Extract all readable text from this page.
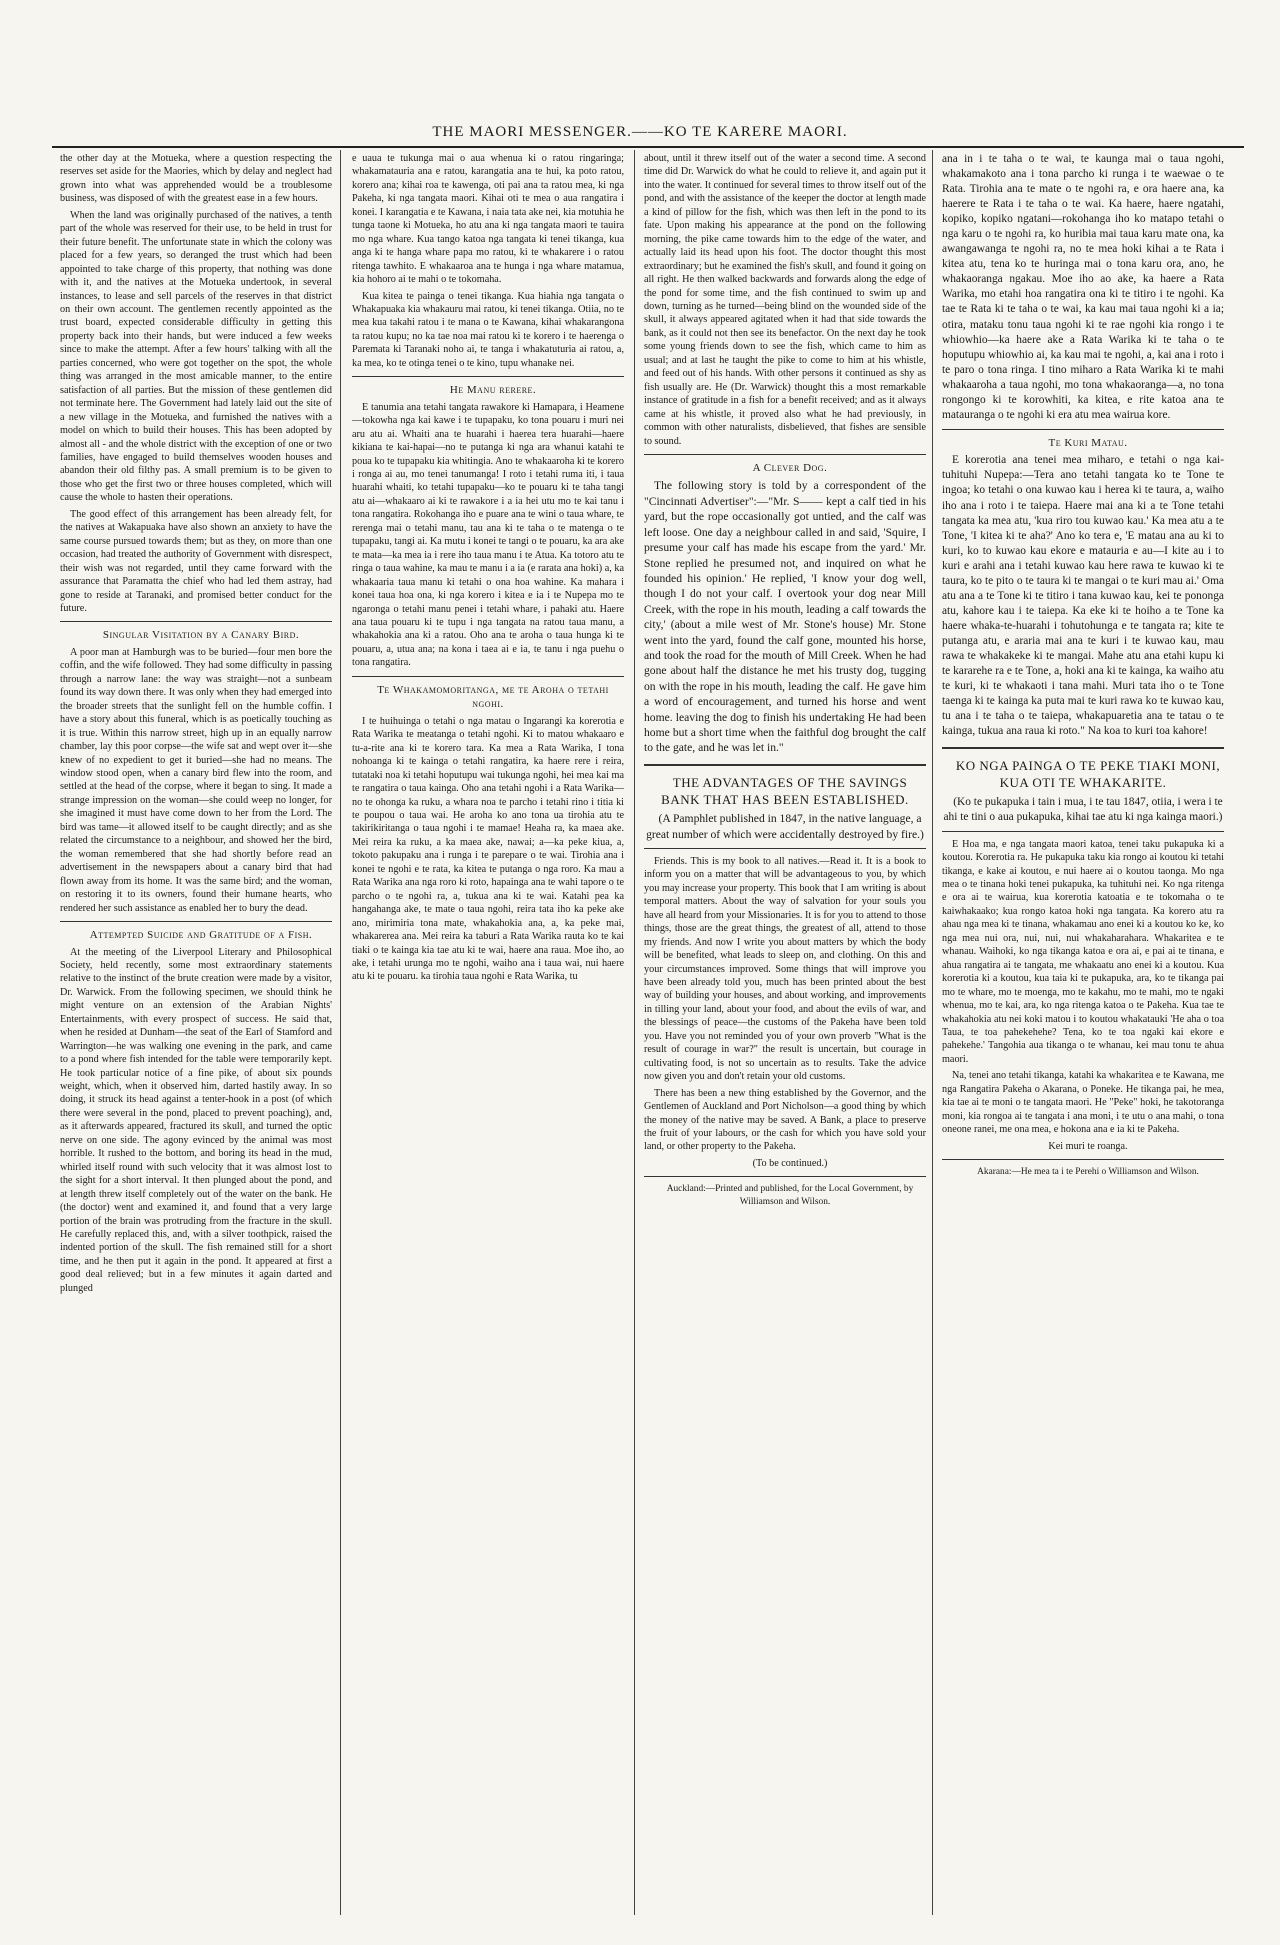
THE MAORI MESSENGER.——KO TE KARERE MAORI.

the other day at the Motueka, where a question respecting the reserves set aside for the Maories, which by delay and neglect had grown into what was apprehended would be a troublesome business, was disposed of with the greatest ease in a few hours.

When the land was originally purchased of the natives, a tenth part of the whole was reserved for their use, to be held in trust for their future benefit. The unfortunate state in which the colony was placed for a few years, so deranged the trust which had been appointed to take charge of this property, that nothing was done with it, and the natives at the Motueka undertook, in several instances, to lease and sell parcels of the reserves in that district on their own account. The gentlemen recently appointed as the trust board, expected considerable difficulty in getting this property back into their hands, but were induced a few weeks since to make the attempt. After a few hours' talking with all the parties concerned, who were got together on the spot, the whole thing was arranged in the most amicable manner, to the entire satisfaction of all parties. But the mission of these gentlemen did not terminate here. The Government had lately laid out the site of a new village in the Motueka, and furnished the natives with a model on which to build their houses. This has been adopted by almost all - and the whole district with the exception of one or two families, have engaged to build themselves wooden houses and abandon their old filthy pas. A small premium is to be given to those who get the first two or three houses completed, which will cause the whole to hasten their operations.

The good effect of this arrangement has been already felt, for the natives at Wakapuaka have also shown an anxiety to have the same course pursued towards them; but as they, on more than one occasion, had treated the authority of Government with disrespect, their wish was not regarded, until they came forward with the assurance that Paramatta the chief who had led them astray, had gone to reside at Taranaki, and promised better conduct for the future.

Singular Visitation by a Canary Bird.

A poor man at Hamburgh was to be buried—four men bore the coffin, and the wife followed. They had some difficulty in passing through a narrow lane: the way was straight—not a sunbeam found its way down there. It was only when they had emerged into the broader streets that the sunlight fell on the humble coffin. I have a story about this funeral, which is as poetically touching as it is true. Within this narrow street, high up in an equally narrow chamber, lay this poor corpse—the wife sat and wept over it—she knew of no expedient to get it buried—she had no means. The window stood open, when a canary bird flew into the room, and settled at the head of the corpse, where it began to sing. It made a strange impression on the woman—she could weep no longer, for she imagined it must have come down to her from the Lord. The bird was tame—it allowed itself to be caught directly; and as she related the circumstance to a neighbour, and showed her the bird, the woman remembered that she had shortly before read an advertisement in the newspapers about a canary bird that had flown away from its home. It was the same bird; and the woman, on restoring it to its owners, found their humane hearts, who rendered her such assistance as enabled her to bury the dead.

Attempted Suicide and Gratitude of a Fish.

At the meeting of the Liverpool Literary and Philosophical Society, held recently, some most extraordinary statements relative to the instinct of the brute creation were made by a visitor, Dr. Warwick. From the following specimen, we should think he might venture on an extension of the Arabian Nights' Entertainments, with every prospect of success. He said that, when he resided at Dunham—the seat of the Earl of Stamford and Warrington—he was walking one evening in the park, and came to a pond where fish intended for the table were temporarily kept. He took particular notice of a fine pike, of about six pounds weight, which, when it observed him, darted hastily away. In so doing, it struck its head against a tenter-hook in a post (of which there were several in the pond, placed to prevent poaching), and, as it afterwards appeared, fractured its skull, and turned the optic nerve on one side. The agony evinced by the animal was most horrible. It rushed to the bottom, and boring its head in the mud, whirled itself round with such velocity that it was almost lost to the sight for a short interval. It then plunged about the pond, and at length threw itself completely out of the water on the bank. He (the doctor) went and examined it, and found that a very large portion of the brain was protruding from the fracture in the skull. He carefully replaced this, and, with a silver toothpick, raised the indented portion of the skull. The fish remained still for a short time, and he then put it again in the pond. It appeared at first a good deal relieved; but in a few minutes it again darted and plunged

e uaua te tukunga mai o aua whenua ki o ratou ringaringa; whakamatauria ana e ratou, karangatia ana te hui, ka poto ratou, korero ana; kihai roa te kawenga, oti pai ana ta ratou mea, ki nga Pakeha, ki nga tangata maori. Kihai oti te mea o aua rangatira i konei. I karangatia e te Kawana, i naia tata ake nei, kia motuhia he tunga taone ki Motueka, ho atu ana ki nga tangata maori te tauira mo nga whare. Kua tango katoa nga tangata ki tenei tikanga, kua anga ki te hanga whare papa mo ratou, ki te whakarere i o ratou ritenga tawhito. E whakaaroa ana te hunga i nga whare matamua, kia hohoro ai te mahi o te tokomaha.

Kua kitea te painga o tenei tikanga. Kua hiahia nga tangata o Whakapuaka kia whakauru mai ratou, ki tenei tikanga. Otiia, no te mea kua takahi ratou i te mana o te Kawana, kihai whakarangona ta ratou kupu; no ka tae noa mai ratou ki te korero i te haerenga o Paremata ki Taranaki noho ai, te tanga i whakatuturia ai ratou, a, ka mea, ko te otinga tenei o te kino, tupu whanake nei.

He Manu rerere.

E tanumia ana tetahi tangata rawakore ki Hamapara, i Heamene—tokowha nga kai kawe i te tupapaku, ko tona pouaru i muri nei aru atu ai. Whaiti ana te huarahi i haerea tera huarahi—haere kikiana te kai-hapai—no te putanga ki nga ara whanui katahi te poua ko te tupapaku kia whitingia. Ano te whakaaroha ki te korero i ronga ai au, mo tenei tanumanga! I roto i tetahi ruma iti, i taua huarahi whaiti, ko tetahi tupapaku—ko te pouaru ki te taha tangi atu ai—whakaaro ai ki te rawakore i a ia hei utu mo te kai tanu i tona rangatira. Rokohanga iho e puare ana te wini o taua whare, te rerenga mai o tetahi manu, tau ana ki te taha o te matenga o te tupapaku, tangi ai. Ka mutu i konei te tangi o te pouaru, ka ara ake te mata—ka mea ia i rere iho taua manu i te Atua. Ka totoro atu te ringa o taua wahine, ka mau te manu i a ia (e rarata ana hoki) a, ka whakaaria taua manu ki tetahi o ona hoa wahine. Ka mahara i konei taua hoa ona, ki nga korero i kitea e ia i te Nupepa mo te ngaronga o tetahi manu penei i tetahi whare, i pahaki atu. Haere ana taua pouaru ki te tupu i nga tangata na ratou taua manu, a whakahokia ana ki a ratou. Oho ana te aroha o taua hunga ki te pouaru, a, utua ana; na kona i taea ai e ia, te tanu i nga puehu o tona rangatira.

Te Whakamomoritanga, me te Aroha o tetahi ngohi.

I te huihuinga o tetahi o nga matau o Ingarangi ka korerotia e Rata Warika te meatanga o tetahi ngohi. Ki to matou whakaaro e tu-a-rite ana ki te korero tara. Ka mea a Rata Warika, I tona nohoanga ki te kainga o tetahi rangatira, ka haere rere i reira, tutataki noa ki tetahi hoputupu wai tukunga ngohi, hei mea kai ma te rangatira o taua kainga. Oho ana tetahi ngohi i a Rata Warika—no te ohonga ka ruku, a whara noa te parcho i tetahi rino i titia ki te poupou o taua wai. He aroha ko ano tona ua tirohia atu te takirikiritanga o taua ngohi i te mamae! Heaha ra, ka maea ake. Mei reira ka ruku, a ka maea ake, nawai; a—ka peke kiua, a, tokoto pakupaku ana i runga i te parepare o te wai. Tirohia ana i konei te ngohi e te rata, ka kitea te putanga o nga roro. Ka mau a Rata Warika ana nga roro ki roto, hapainga ana te wahi tapore o te parcho o te ngohi ra, a, tukua ana ki te wai. Katahi pea ka hangahanga ake, te mate o taua ngohi, reira tata iho ka peke ake ano, mirimiria tona mate, whakahokia ana, a, ka peke mai, whakarerea ana. Mei reira ka taburi a Rata Warika rauta ko te kai tiaki o te kainga kia tae atu ki te wai, haere ana raua. Moe iho, ao ake, i tetahi urunga mo te ngohi, waiho ana i taua wai, nui haere atu ki te pouaru. ka tirohia taua ngohi e Rata Warika, tu

about, until it threw itself out of the water a second time. A second time did Dr. Warwick do what he could to relieve it, and again put it into the water. It continued for several times to throw itself out of the pond, and with the assistance of the keeper the doctor at length made a kind of pillow for the fish, which was then left in the pond to its fate. Upon making his appearance at the pond on the following morning, the pike came towards him to the edge of the water, and actually laid its head upon his foot. The doctor thought this most extraordinary; but he examined the fish's skull, and found it going on all right. He then walked backwards and forwards along the edge of the pond for some time, and the fish continued to swim up and down, turning as he turned—being blind on the wounded side of the skull, it always appeared agitated when it had that side towards the bank, as it could not then see its benefactor. On the next day he took some young friends down to see the fish, which came to him as usual; and at last he taught the pike to come to him at his whistle, and feed out of his hands. With other persons it continued as shy as fish usually are. He (Dr. Warwick) thought this a most remarkable instance of gratitude in a fish for a benefit received; and as it always came at his whistle, it proved also what he had previously, in common with other naturalists, disbelieved, that fishes are sensible to sound.

A Clever Dog.

The following story is told by a correspondent of the "Cincinnati Advertiser":—"Mr. S—— kept a calf tied in his yard, but the rope occasionally got untied, and the calf was left loose. One day a neighbour called in and said, 'Squire, I presume your calf has made his escape from the yard.' Mr. Stone replied he presumed not, and inquired on what he founded his opinion.' He replied, 'I know your dog well, though I do not your calf. I overtook your dog near Mill Creek, with the rope in his mouth, leading a calf towards the city,' (about a mile west of Mr. Stone's house) Mr. Stone went into the yard, found the calf gone, mounted his horse, and took the road for the mouth of Mill Creek. When he had gone about half the distance he met his trusty dog, tugging on with the rope in his mouth, leading the calf. He gave him a word of encouragement, and turned his horse and went home. leaving the dog to finish his undertaking He had been home but a short time when the faithful dog brought the calf to the gate, and he was let in."

THE ADVANTAGES OF THE SAVINGS BANK THAT HAS BEEN ESTABLISHED.

(A Pamphlet published in 1847, in the native language, a great number of which were accidentally destroyed by fire.)

Friends. This is my book to all natives.—Read it. It is a book to inform you on a matter that will be advantageous to you, by which you may increase your property. This book that I am writing is about temporal matters. About the way of salvation for your souls you have all heard from your Missionaries. It is for you to attend to those things, those are the great things, the greatest of all, attend to those my friends. And now I write you about matters by which the body will be benefited, what leads to sleep on, and clothing. On this and your circumstances improved. Some things that will improve you have been already told you, much has been printed about the best way of building your houses, and about working, and improvements in tilling your land, about your food, and about the evils of war, and the blessings of peace—the customs of the Pakeha have been told you. Have you not reminded you of your own proverb "What is the result of courage in war?" the result is uncertain, but courage in cultivating food, is not so uncertain as to results. Take the advice now given you and don't retain your old customs.

There has been a new thing established by the Governor, and the Gentlemen of Auckland and Port Nicholson—a good thing by which the money of the native may be saved. A Bank, a place to preserve the fruit of your labours, or the cash for which you have sold your land, or other property to the Pakeha.

(To be continued.)

Auckland:—Printed and published, for the Local Government, by Williamson and Wilson.

ana in i te taha o te wai, te kaunga mai o taua ngohi, whakamakoto ana i tona parcho ki runga i te waewae o te Rata. Tirohia ana te mate o te ngohi ra, e ora haere ana, ka haerere te Rata i te taha o te wai. Ka haere, haere ngatahi, kopiko, kopiko ngatani—rokohanga iho ko matapo tetahi o nga karu o te ngohi ra, ko huribia mai taua karu mate ona, ka awangawanga te ngohi ra, no te mea hoki kihai a te Rata i kitea atu, tena ko te huringa mai o tona karu ora, ano, he whakaoranga ngakau. Moe iho ao ake, ka haere a Rata Warika, mo etahi hoa rangatira ona ki te titiro i te ngohi. Ka tae te Rata ki te taha o te wai, ka kau mai taua ngohi ki a ia; otira, mataku tonu taua ngohi ki te rae ngohi kia rongo i te whiowhio—ka haere ake a Rata Warika ki te taha o te hoputupu whiowhio ai, ka kau mai te ngohi, a, kai ana i roto i te paro o tona ringa. I tino miharo a Rata Warika ki te mahi whakaaroha a taua ngohi, mo tona whakaoranga—a, no tona rongongo ki te korowhiti, ka kitea, e rite katoa ana te matauranga o te ngohi ki era atu mea wairua kore.

Te Kuri Matau.

E korerotia ana tenei mea miharo, e tetahi o nga kai-tuhituhi Nupepa:—Tera ano tetahi tangata ko te Tone te ingoa; ko tetahi o ona kuwao kau i herea ki te taura, a, waiho iho ana i roto i te taiepa. Haere mai ana ki a te Tone tetahi tangata ka mea atu, 'kua riro tou kuwao kau.' Ka mea atu a te Tone, 'I kitea ki te aha?' Ano ko tera e, 'E matau ana au ki to kuri, ko to kuwao kau ekore e matauria e au—I kite au i to kuri e arahi ana i tetahi kuwao kau here rawa te kuwao ki te taura, ko te pito o te taura ki te mangai o te kuri mau ai.' Oma atu ana a te Tone ki te titiro i tana kuwao kau, kei te pononga atu, kahore kau i te taiepa. Ka eke ki te hoiho a te Tone ka haere whaka-te-huarahi i tohutohunga e te tangata ra; kite te putanga atu, e araria mai ana te kuri i te kuwao kau, mau rawa te whakakeke ki te mangai. Mahe atu ana etahi kupu ki te kararehe ra e te Tone, a, hoki ana ki te kainga, ka waiho atu te kuri, ki te whakaoti i tana mahi. Muri tata iho o te Tone taenga ki te kainga ka puta mai te kuri rawa ko te kuwao kau, tu ana i te taha o te taiepa, whakapuaretia ana te tatau o te kainga, tukua ana raua ki roto." Na koa to kuri toa kahore!

KO NGA PAINGA O TE PEKE TIAKI MONI, KUA OTI TE WHAKARITE.

(Ko te pukapuka i tain i mua, i te tau 1847, otiia, i wera i te ahi te tini o aua pukapuka, kihai tae atu ki nga kainga maori.)

E Hoa ma, e nga tangata maori katoa, tenei taku pukapuka ki a koutou. Korerotia ra. He pukapuka taku kia rongo ai koutou ki tetahi tikanga, e kake ai koutou, e nui haere ai o koutou taonga. Mo nga mea o te tinana hoki tenei pukapuka, ka tuhituhi nei. Ko nga ritenga e ora ai te wairua, kua korerotia katoatia e te tokomaha o te kaiwhakaako; kua rongo katoa hoki nga tangata. Ka korero atu ra ahau nga mea ki te tinana, whakamau ano enei ki a koutou ko ke, ko nga mea nui ora, nui, nui, nui whakaharahara. Whakaritea e te whanau. Waihoki, ko nga tikanga katoa e ora ai, e pai ai te tinana, e ahua rangatira ai te tangata, me whakaatu ano enei ki a koutou. Kua korerotia ki a koutou, kua taia ki te pukapuka, ara, ko te tikanga pai mo te whare, mo te moenga, mo te kakahu, mo te mahi, mo te ngaki whenua, mo te kai, ara, ko nga ritenga katoa o te Pakeha. Kua tae te whakahokia atu nei koki matou i to koutou whakatauki 'He aha o toa Taua, te toa pahekehehe? Tena, ko te toa ngaki kai ekore e pahekehe.' Tangohia aua tikanga o te whanau, kei mau tonu te ahua maori.

Na, tenei ano tetahi tikanga, katahi ka whakaritea e te Kawana, me nga Rangatira Pakeha o Akarana, o Poneke. He tikanga pai, he mea, kia tae ai te moni o te tangata maori. He "Peke" hoki, he takotoranga moni, kia rongoa ai te tangata i ana moni, i te utu o ana mahi, o tona oneone ranei, me ona mea, e hokona ana e ia ki te Pakeha.

Kei muri te roanga.

Akarana:—He mea ta i te Perehi o Williamson and Wilson.
